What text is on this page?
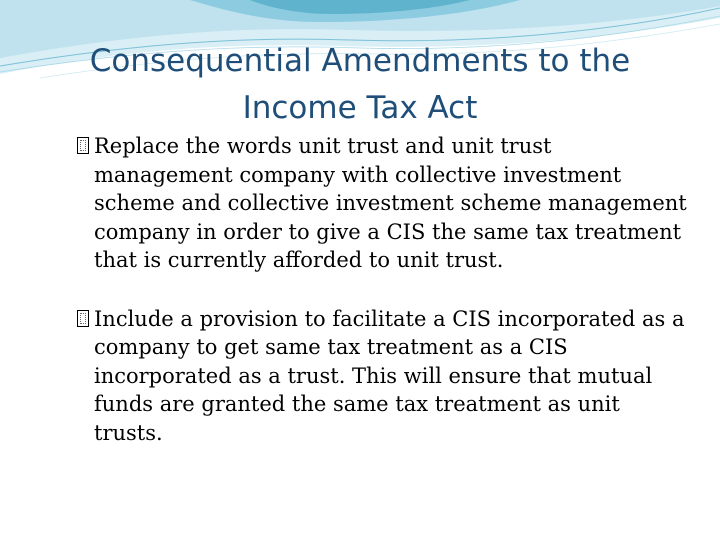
Consequential Amendments to the Income Tax Act
Replace the words unit trust and unit trust management company with collective investment scheme and collective investment scheme management company in order to give a CIS the same tax treatment that is currently afforded to unit trust.
Include a provision to facilitate a CIS incorporated as a company to get same tax treatment as a CIS incorporated as a trust. This will ensure that mutual funds are granted the same tax treatment as unit trusts.
